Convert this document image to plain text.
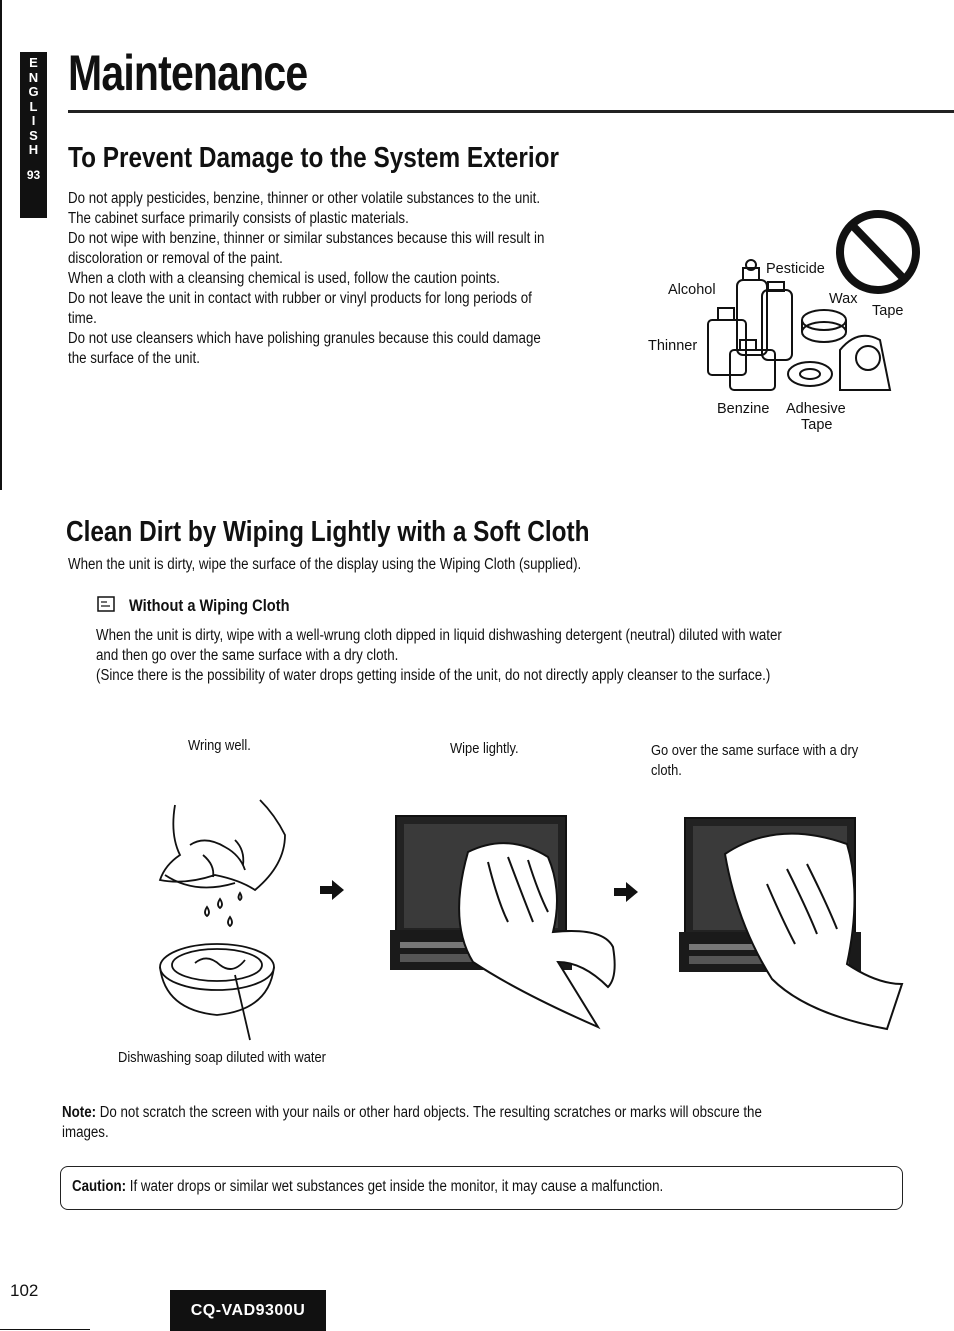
E
N
G
L
I
S
H
93
Maintenance
To Prevent Damage to the System Exterior

Do not apply pesticides, benzine, thinner or other volatile substances to the unit.

The cabinet surface primarily consists of plastic materials.

Do not wipe with benzine, thinner or similar substances because this will result in

discoloration or removal of the paint.

When a cloth with a cleansing chemical is used, follow the caution points.

Do not leave the unit in contact with rubber or vinyl products for long periods of

time.

Do not use cleansers which have polishing granules because this could damage

the surface of the unit.

Pesticide
Alcohol
Wax
Tape
Thinner
Benzine Adhesive
Tape
Clean Dirt by Wiping Lightly with a Soft Cloth
When the unit is dirty, wipe the surface of the display using the Wiping Cloth (supplied).
Without a Wiping Cloth

When the unit is dirty, wipe with a well-wrung cloth dipped in liquid dishwashing detergent (neutral) diluted with water

and then go over the same surface with a dry cloth.

(Since there is the possibility of water drops getting inside of the unit, do not directly apply cleanser to the surface.)

Wring well.	Wipe lightly.	Go over the same surface with a dry
cloth.
Dishwashing soap diluted with water

Note: Do not scratch the screen with your nails or other hard objects. The resulting scratches or marks will obscure the

images.

Caution: If water drops or similar wet substances get inside the monitor, it may cause a malfunction.
102
CQ-VAD9300U
